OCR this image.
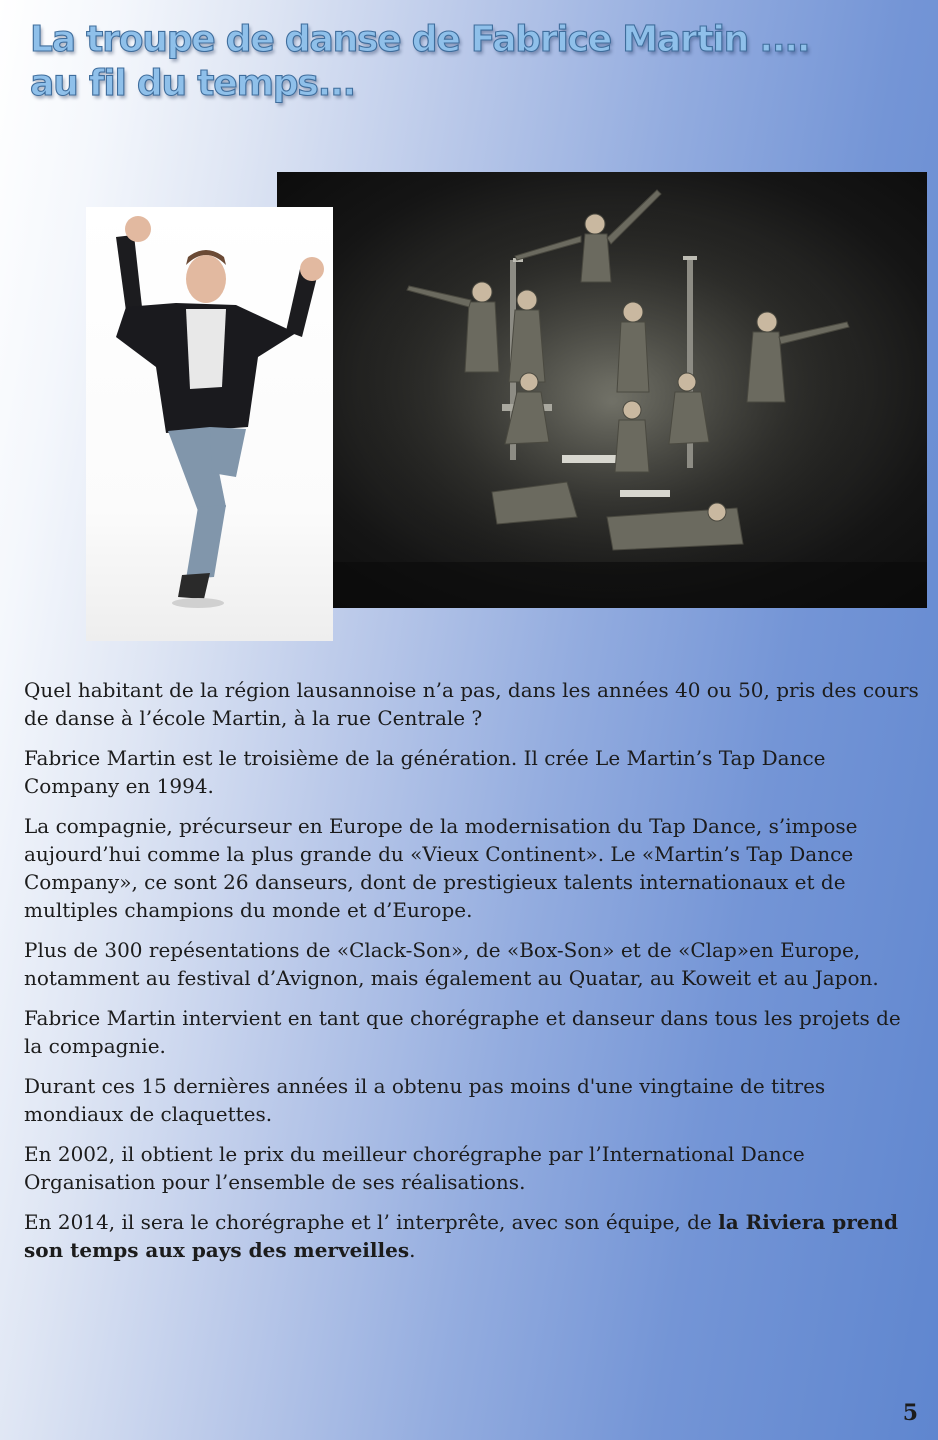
La troupe de danse de Fabrice Martin ....
au fil du temps...

Quel habitant de la région lausannoise n’a pas, dans les années 40 ou 50, pris des cours de danse à l’école Martin, à la rue Centrale ?

Fabrice Martin est le troisième de la génération. Il crée Le Martin’s Tap Dance Company en 1994.

La compagnie, précurseur en Europe de la modernisation du Tap Dance, s’impose aujourd’hui comme la plus grande du «Vieux Continent». Le «Martin’s Tap Dance Company», ce sont 26 danseurs, dont de prestigieux talents internationaux et de multiples champions du monde et d’Europe.

Plus de 300 repésentations de «Clack-Son», de «Box-Son» et de «Clap»en Europe, notamment au festival d’Avignon, mais également au Quatar, au Koweit et au Japon.

Fabrice Martin intervient en tant que chorégraphe et danseur dans tous les projets de la compagnie.

Durant ces 15 dernières années il a obtenu pas moins d'une vingtaine de titres mondiaux de claquettes.

En 2002, il obtient le prix du meilleur chorégraphe par l’International Dance Organisation pour l’ensemble de ses réalisations.

En 2014, il sera le chorégraphe et l’ interprête, avec son équipe, de la Riviera prend son temps aux pays des merveilles.

5
